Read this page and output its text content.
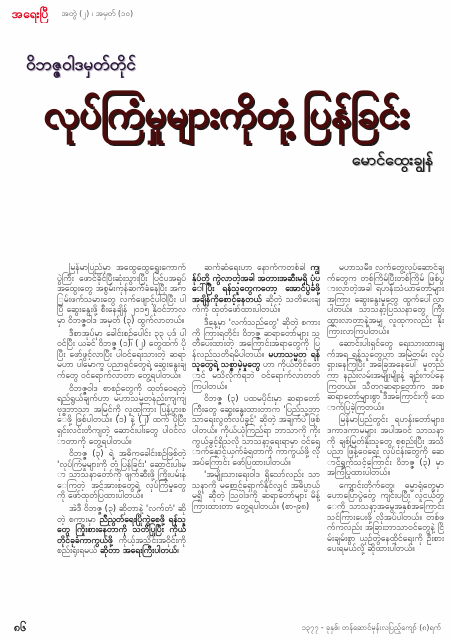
အရေးပြီ အတွဲ (၂) ၊ အမှတ် (၁၀)
ဝိဘဇ္ဇဝါဒမှတ်တိုင်
လုပ်ကြံမှုများကိုတုံ့ပြန်ခြင်း
မောင်ထွေးချွန်

မြန်မာပြည်မှာ အထွေထွေရွေးကောက်ပွဲကြီး ဖောင်ခိုင်ပြီးဆုံးသွားပြီး ပြင်ပအရှုပ်အထွေးတွေ အစွမ်းကုန်ဆက်ခံနေပြီး အကြမ်းဖက်သမားတွေ လက်ဖျောင့်ပါဝါပြီး ပါပြီ ဆွေးနွေးဖို့ စီးနေချိန် ၂၀၁၅ နိုဝင်ဘာလမှာ ဝိဘဇ္ဇဝါဒ အမှတ် (၃) ထွက်လာတယ်။

ဒီစာအုပ်မှာ ခေါင်းစဉ်ပေါင်း ၃၃ ပုဒ် ပါဝင်ပြီး ယခင် ဝိဘဇ္ဇ (၁)၊ (၂) တွေထက် ပိုပြီး ဖော်ဖွင့်လာပြီး ပါဝင်ရေးသားတဲ့ ဆရာ မဟာ ပါမောက္ခ ပညာရှင်တွေရဲ့ ဆွေးနွေးချက်တွေ ဝင်ရောက်လာတာ တွေ့ရပါတယ်။

ဝိဘဇ္ဇဝါဒ စာစဉ်တွေကို ထုတ်ဝေရတဲ့ ရည်ရွယ်ချက်ဟာ မဟာသမ္မတနည်းကျကျ ဗုဒ္ဓဘာသာ အမြင်ကို လူထုကြား ပြန့်ပွားစေဖို့ ဖြစ်ပါတယ်။ (၁) နဲ့ (၂) ထက် ပိုပြီး ရှင်းလင်းတိကျတဲ့ ဆောင်းပါးတွေ ပါဝင်လာတာကို တွေ့ရပါတယ်။

ဝိဘဇ္ဇ (၃) ရဲ့ အဓိကခေါင်းစဉ်ဖြစ်တဲ့ 'လုပ်ကြံမှုများကို တုံ့ပြန်ခြင်း' ဆောင်းပါးမှာ သာသနာတော်ကို ဖျက်ဆီးဖို့ ကြိုးပမ်းနေကြတဲ့ အင်အားစုတွေရဲ့ လုပ်ကြံမှုတွေကို ဖော်ထုတ်ပြထားပါတယ်။

အဲဒီ ဝိဘဇ္ဇ (၃) ဆိုတာနဲ့ 'လက်တံ' ဆိုတဲ့ စကားမှာ ညီညွတ်ရေးပြိုကွဲစေဖို့ ရန်သူတွေ ကြိုးစားနေတာကို သတိပြုပြီး ကိုယ်တိုင်ခုခံကာကွယ်ဖို့ ကိုယ့်အသိုင်းအဝိုင်းကို စည်းရုံးရမယ် ဆိုတာ အရေးကြီးပါတယ်။

ဆက်ဆံရေးဟာ နောက်ကတစ်ခါ ကျွန်ုပ်တို့ ကွဲလာတဲ့အခါ အတားအဆီးမရှိ ပုံပေါ်ပြီး ရန်သူတွေကတော့ အောင်ပွဲခံဖို့ အချိန်ကိုစောင့်နေတယ် ဆိုတဲ့ သတိပေးချက်ကို ထုတ်ဖော်ထားပါတယ်။

ဒီနေ့မှာ 'လက်သည်တွေ' ဆိုတဲ့ စကားကို ကြားရတိုင်း ဝိဘဇ္ဇ ဆရာတော်များ သတိပေးထားတဲ့ အကြောင်းအရာတွေကို ပြန်လည်သတိရမိပါတယ်။ မဟာသမ္မတ ရန်သူတွေရဲ့ သစ္စာမဲ့မှုတွေ ဟာ ကိုယ်တိုင်တောင် မသိလိုက်ရဘဲ ဝင်ရောက်လာတတ်ကြပါတယ်။

ဝိဘဇ္ဇ (၃) ပထမပိုင်းမှာ ဆရာတော်ကြီးတွေ ဆွေးနွေးထားတာက 'ပြည်သူ့ဘာသာရေးလွတ်လပ်ခွင့်' ဆိုတဲ့ အချက်ပဲ ဖြစ်ပါတယ်။ ကိုယ်ယုံကြည်ရာ ဘာသာကို ကိုးကွယ်ခွင့်ရှိသလို သာသနာ့ရေးရာမှာ ဝင်ရောက်နှောင့်ယှက်ခံရတာကို ကာကွယ်ဖို့ လိုအပ်ကြောင်း ဖော်ပြထားပါတယ်။

'အမျိုးသားရေးဝါဒ ရှိသော်လည်း သာသနာကို မစောင့်ရှောက်နိုင်လျှင် အဓိပ္ပာယ်မရှိ' ဆိုတဲ့ သြဝါဒကို ဆရာတော်များ မိန့်ကြားထားတာ တွေ့ရပါတယ်။ (စာ-၉၈)

မဟာသမီး၊ လက်တွေ့လုပ်ဆောင်ချက်တွေက တစ်ကြိမ်ပြီးတစ်ကြိမ် ဖြစ်ပွားလာတဲ့အခါ ရဟန်းသံဃာတော်များ အကြား ဆွေးနွေးမှုတွေ ထွက်ပေါ်လာပါတယ်။ သာသနာ့ပြဿနာတွေ ကြီးထွားလာတာနဲ့အမျှ လူထုကလည်း နိုးကြားလာကြပါတယ်။

ဆောင်းပါးရှင်တွေ ရေးသားထားချက်အရ ရန်သူတွေဟာ အမြဲတမ်း လှုပ်ရှားနေကြပြီး အခြေအနေပေါ် မူတည်ကာ နည်းလမ်းအမျိုးမျိုးနဲ့ ချဉ်းကပ်နေကြတယ်။ သီတဂူဆရာတော်က အစ ဆရာတော်များစွာ ဒီအကြောင်းကို ထောက်ပြခဲ့ကြတယ်။

မြန်မာပြည်တွင်း ရဟန်းတော်များ၊ ဒကာဒကာမများ အပါအဝင် သာသနာကို ချစ်မြတ်နိုးသူတွေ စုစည်းပြီး အသိပညာ ဖြန့်ဝေရေး လုပ်ငန်းတွေကို ဆောင်ရွက်သင့်ကြောင်း ဝိဘဇ္ဇ (၃) မှာ အကြံပြုထားပါတယ်။

ကျောင်းတိုက်တွေ၊ ဓမ္မာရုံတွေမှာ ဟောပြောပွဲတွေ ကျင်းပပြီး လူငယ်တွေကို သာသနာ့အမွေအနှစ်အကြောင်း သင်ကြားပေးဖို့ လိုအပ်ပါတယ်။ တစ်ဖက်ကလည်း အခြားဘာသာဝင်တွေနဲ့ ငြိမ်းချမ်းစွာ ယှဉ်တွဲနေထိုင်ရေးကို ဦးစားပေးရမယ်လို့ ဆိုထားပါတယ်။

၈၆	၁၃၇၇ - ခုနှစ်၊ တန်ဆောင်မုန်းလပြည့်ကျော် (၈)ရက်
